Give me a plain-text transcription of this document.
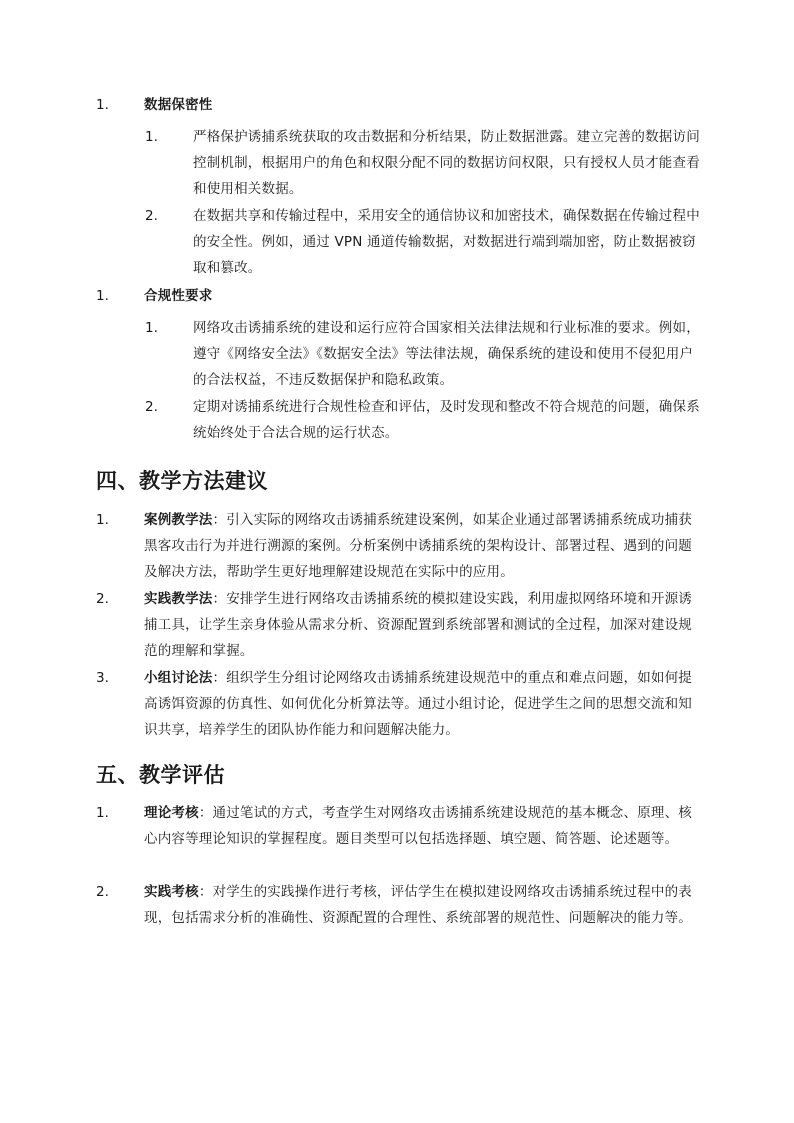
1.	数据保密性
1.	严格保护诱捕系统获取的攻击数据和分析结果，防止数据泄露。建立完善的数据访问控制机制，根据用户的角色和权限分配不同的数据访问权限，只有授权人员才能查看和使用相关数据。
2.	在数据共享和传输过程中，采用安全的通信协议和加密技术，确保数据在传输过程中的安全性。例如，通过 VPN 通道传输数据，对数据进行端到端加密，防止数据被窃取和篡改。
1.	合规性要求
1.	网络攻击诱捕系统的建设和运行应符合国家相关法律法规和行业标准的要求。例如，遵守《网络安全法》《数据安全法》等法律法规，确保系统的建设和使用不侵犯用户的合法权益，不违反数据保护和隐私政策。
2.	定期对诱捕系统进行合规性检查和评估，及时发现和整改不符合规范的问题，确保系统始终处于合法合规的运行状态。
四、教学方法建议
1.	案例教学法：引入实际的网络攻击诱捕系统建设案例，如某企业通过部署诱捕系统成功捕获黑客攻击行为并进行溯源的案例。分析案例中诱捕系统的架构设计、部署过程、遇到的问题及解决方法，帮助学生更好地理解建设规范在实际中的应用。
2.	实践教学法：安排学生进行网络攻击诱捕系统的模拟建设实践，利用虚拟网络环境和开源诱捕工具，让学生亲身体验从需求分析、资源配置到系统部署和测试的全过程，加深对建设规范的理解和掌握。
3.	小组讨论法：组织学生分组讨论网络攻击诱捕系统建设规范中的重点和难点问题，如如何提高诱饵资源的仿真性、如何优化分析算法等。通过小组讨论，促进学生之间的思想交流和知识共享，培养学生的团队协作能力和问题解决能力。
五、教学评估
1.	理论考核：通过笔试的方式，考查学生对网络攻击诱捕系统建设规范的基本概念、原理、核心内容等理论知识的掌握程度。题目类型可以包括选择题、填空题、简答题、论述题等。
2.	实践考核：对学生的实践操作进行考核，评估学生在模拟建设网络攻击诱捕系统过程中的表现，包括需求分析的准确性、资源配置的合理性、系统部署的规范性、问题解决的能力等。
